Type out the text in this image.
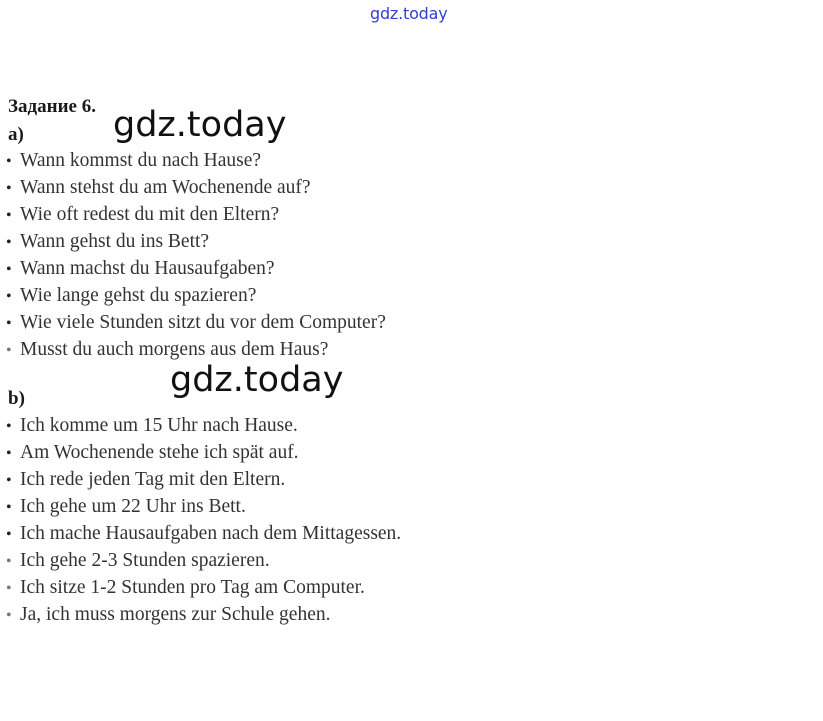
gdz.today
Задание 6.
a)
• Wann kommst du nach Hause?
• Wann stehst du am Wochenende auf?
• Wie oft redest du mit den Eltern?
• Wann gehst du ins Bett?
• Wann machst du Hausaufgaben?
• Wie lange gehst du spazieren?
• Wie viele Stunden sitzt du vor dem Computer?
• Musst du auch morgens aus dem Haus?
b)
• Ich komme um 15 Uhr nach Hause.
• Am Wochenende stehe ich spät auf.
• Ich rede jeden Tag mit den Eltern.
• Ich gehe um 22 Uhr ins Bett.
• Ich mache Hausaufgaben nach dem Mittagessen.
• Ich gehe 2-3 Stunden spazieren.
• Ich sitze 1-2 Stunden pro Tag am Computer.
• Ja, ich muss morgens zur Schule gehen.
gdz.today
gdz.today
